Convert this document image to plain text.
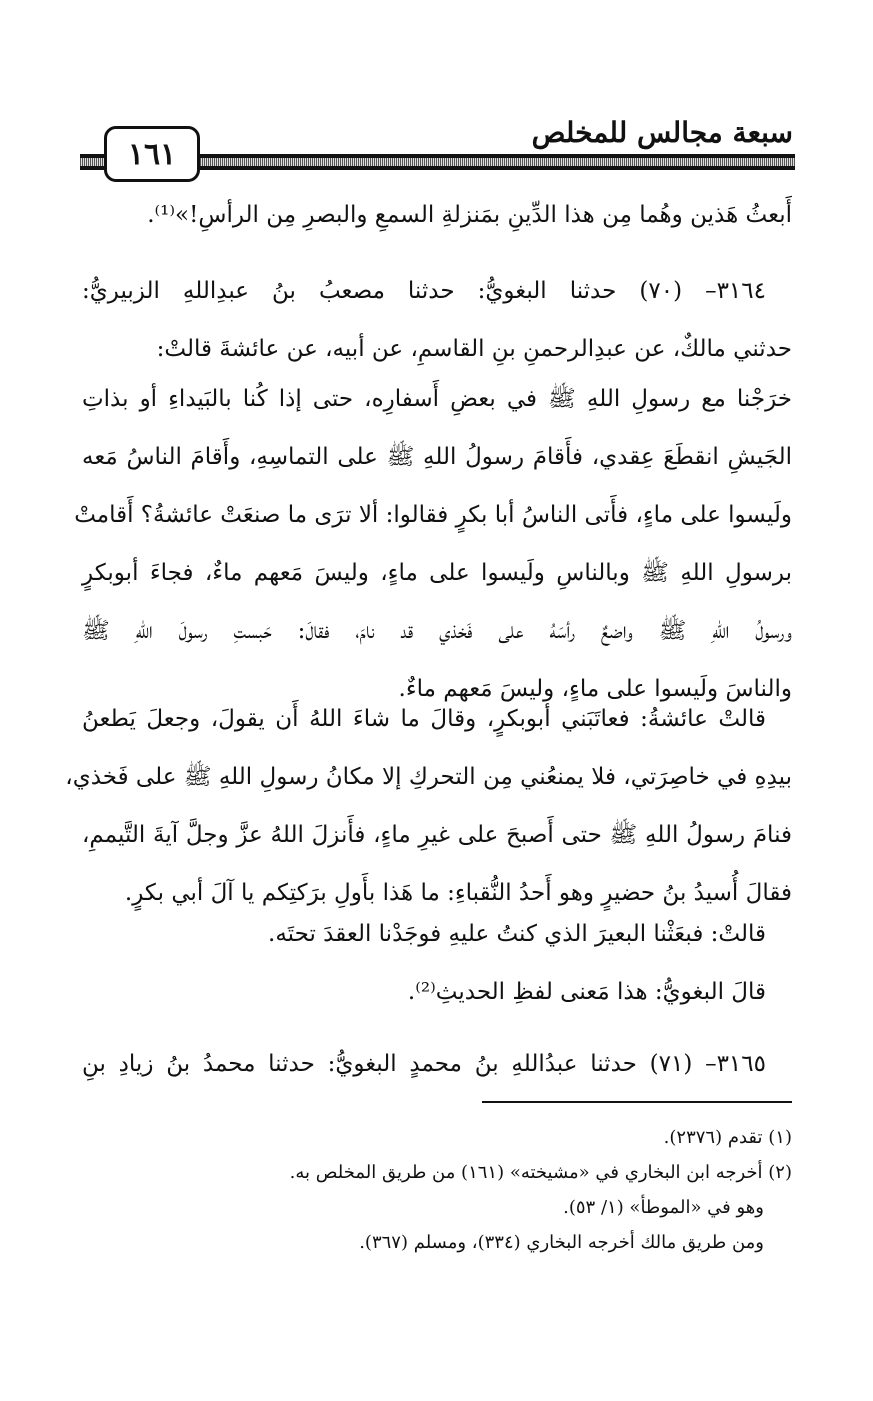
سبعة مجالس للمخلص
١٦١
أَبعثُ هَذين وهُما مِن هذا الدِّينِ بمَنزلةِ السمعِ والبصرِ مِن الرأسِ!»⁽¹⁾.
٣١٦٤– (٧٠) حدثنا البغويُّ: حدثنا مصعبُ بنُ عبدِاللهِ الزبيريُّ:
حدثني مالكٌ، عن عبدِالرحمنِ بنِ القاسمِ، عن أبيه، عن عائشةَ قالتْ:
خرَجْنا مع رسولِ اللهِ ﷺ في بعضِ أَسفارِه، حتى إذا كُنا بالبَيداءِ أو بذاتِ
الجَيشِ انقطَعَ عِقدي، فأَقامَ رسولُ اللهِ ﷺ على التماسِهِ، وأَقامَ الناسُ مَعه
ولَيسوا على ماءٍ، فأَتى الناسُ أبا بكرٍ فقالوا: ألا ترَى ما صنعَتْ عائشةُ؟ أَقامتْ
برسولِ اللهِ ﷺ وبالناسِ ولَيسوا على ماءٍ، وليسَ مَعهم ماءٌ، فجاءَ أبوبكرٍ
ورسولُ اللهِ ﷺ واضعٌ رأسَهُ على فَخذي قد نامَ، فقالَ: حَبستِ رسولَ اللهِ ﷺ
والناسَ ولَيسوا على ماءٍ، وليسَ مَعهم ماءٌ.
قالتْ عائشةُ: فعاتَبَني أبوبكرٍ، وقالَ ما شاءَ اللهُ أَن يقولَ، وجعلَ يَطعنُ
بيدِهِ في خاصِرَتي، فلا يمنعُني مِن التحركِ إلا مكانُ رسولِ اللهِ ﷺ على فَخذي،
فنامَ رسولُ اللهِ ﷺ حتى أَصبحَ على غيرِ ماءٍ، فأَنزلَ اللهُ عزَّ وجلَّ آيةَ التَّيممِ،
فقالَ أُسيدُ بنُ حضيرٍ وهو أَحدُ النُّقباءِ: ما هَذا بأَولِ برَكتِكم يا آلَ أبي بكرٍ.
قالتْ: فبعَثْنا البعيرَ الذي كنتُ عليهِ فوجَدْنا العقدَ تحتَه.
قالَ البغويُّ: هذا مَعنى لفظِ الحديثِ⁽²⁾.
٣١٦٥– (٧١) حدثنا عبدُاللهِ بنُ محمدٍ البغويُّ: حدثنا محمدُ بنُ زيادِ بنِ
(١) تقدم (٢٣٧٦).
(٢) أخرجه ابن البخاري في «مشيخته» (١٦١) من طريق المخلص به.
وهو في «الموطأ» (١/ ٥٣).
ومن طريق مالك أخرجه البخاري (٣٣٤)، ومسلم (٣٦٧).
